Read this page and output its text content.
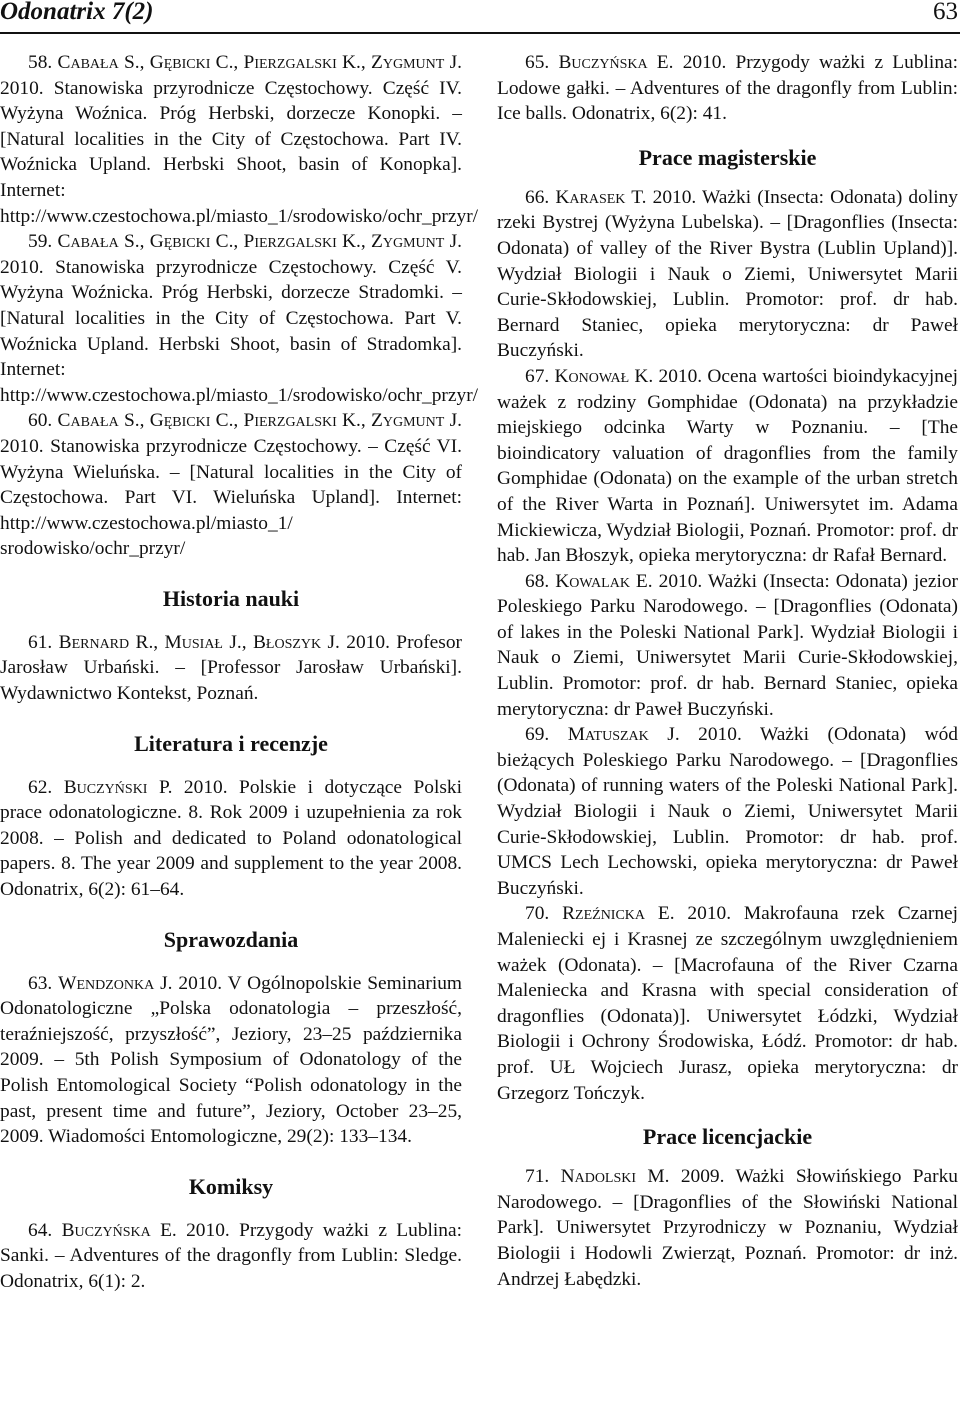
Odonatrix 7(2)	63

58. Cabała S., Gębicki C., Pierzgalski K., Zygmunt J. 2010. Stanowiska przyrodnicze Częstochowy. Część IV. Wyżyna Woźnica. Próg Herbski, dorzecze Konopki. – [Natural localities in the City of Częstochowa. Part IV. Woźnicka Upland. Herbski Shoot, basin of Konopka]. Internet: http://www.czestochowa.pl/miasto_1/srodowisko/ochr_przyr/

59. Cabała S., Gębicki C., Pierzgalski K., Zygmunt J. 2010. Stanowiska przyrodnicze Częstochowy. Część V. Wyżyna Woźnicka. Próg Herbski, dorzecze Stradomki. – [Natural localities in the City of Częstochowa. Part V. Woźnicka Upland. Herbski Shoot, basin of Stradomka]. Internet: http://www.czestochowa.pl/miasto_1/srodowisko/ochr_przyr/

60. Cabała S., Gębicki C., Pierzgalski K., Zygmunt J. 2010. Stanowiska przyrodnicze Częstochowy. – Część VI. Wyżyna Wieluńska. – [Natural localities in the City of Częstochowa. Part VI. Wieluńska Upland]. Internet: http://www.czestochowa.pl/miasto_1/ srodowisko/ochr_przyr/

Historia nauki

61. Bernard R., Musiał J., Błoszyk J. 2010. Profesor Jarosław Urbański. – [Professor Jarosław Urbański]. Wydawnictwo Kontekst, Poznań.

Literatura i recenzje

62. Buczyński P. 2010. Polskie i dotyczące Polski prace odonatologiczne. 8. Rok 2009 i uzupełnienia za rok 2008. – Polish and dedicated to Poland odonatological papers. 8. The year 2009 and supplement to the year 2008. Odonatrix, 6(2): 61–64.

Sprawozdania

63. Wendzonka J. 2010. V Ogólnopolskie Seminarium Odonatologiczne „Polska odonatologia – przeszłość, teraźniejszość, przyszłość”, Jeziory, 23–25 października 2009. – 5th Polish Symposium of Odonatology of the Polish Entomological Society “Polish odonatology in the past, present time and future”, Jeziory, October 23–25, 2009. Wiadomości Entomologiczne, 29(2): 133–134.

Komiksy

64. Buczyńska E. 2010. Przygody ważki z Lublina: Sanki. – Adventures of the dragonfly from Lublin: Sledge. Odonatrix, 6(1): 2.

65. Buczyńska E. 2010. Przygody ważki z Lublina: Lodowe gałki. – Adventures of the dragonfly from Lublin: Ice balls. Odonatrix, 6(2): 41.

Prace magisterskie

66. Karasek T. 2010. Ważki (Insecta: Odonata) doliny rzeki Bystrej (Wyżyna Lubelska). – [Dragonflies (Insecta: Odonata) of valley of the River Bystra (Lublin Upland)]. Wydział Biologii i Nauk o Ziemi, Uniwersytet Marii Curie-Skłodowskiej, Lublin. Promotor: prof. dr hab. Bernard Staniec, opieka merytoryczna: dr Paweł Buczyński.

67. Konował K. 2010. Ocena wartości bioindykacyjnej ważek z rodziny Gomphidae (Odonata) na przykładzie miejskiego odcinka Warty w Poznaniu. – [The bioindicatory valuation of dragonflies from the family Gomphidae (Odonata) on the example of the urban stretch of the River Warta in Poznań]. Uniwersytet im. Adama Mickiewicza, Wydział Biologii, Poznań. Promotor: prof. dr hab. Jan Błoszyk, opieka merytoryczna: dr Rafał Bernard.

68. Kowalak E. 2010. Ważki (Insecta: Odonata) jezior Poleskiego Parku Narodowego. – [Dragonflies (Odonata) of lakes in the Poleski National Park]. Wydział Biologii i Nauk o Ziemi, Uniwersytet Marii Curie-Skłodowskiej, Lublin. Promotor: prof. dr hab. Bernard Staniec, opieka merytoryczna: dr Paweł Buczyński.

69. Matuszak J. 2010. Ważki (Odonata) wód bieżących Poleskiego Parku Narodowego. – [Dragonflies (Odonata) of running waters of the Poleski National Park]. Wydział Biologii i Nauk o Ziemi, Uniwersytet Marii Curie-Skłodowskiej, Lublin. Promotor: dr hab. prof. UMCS Lech Lechowski, opieka merytoryczna: dr Paweł Buczyński.

70. Rzeźnicka E. 2010. Makrofauna rzek Czarnej Maleniecki ej i Krasnej ze szczególnym uwzględnieniem ważek (Odonata). – [Macrofauna of the River Czarna Maleniecka and Krasna with special consideration of dragonflies (Odonata)]. Uniwersytet Łódzki, Wydział Biologii i Ochrony Środowiska, Łódź. Promotor: dr hab. prof. UŁ Wojciech Jurasz, opieka merytoryczna: dr Grzegorz Tończyk.

Prace licencjackie

71. Nadolski M. 2009. Ważki Słowińskiego Parku Narodowego. – [Dragonflies of the Słowiński National Park]. Uniwersytet Przyrodniczy w Poznaniu, Wydział Biologii i Hodowli Zwierząt, Poznań. Promotor: dr inż. Andrzej Łabędzki.
